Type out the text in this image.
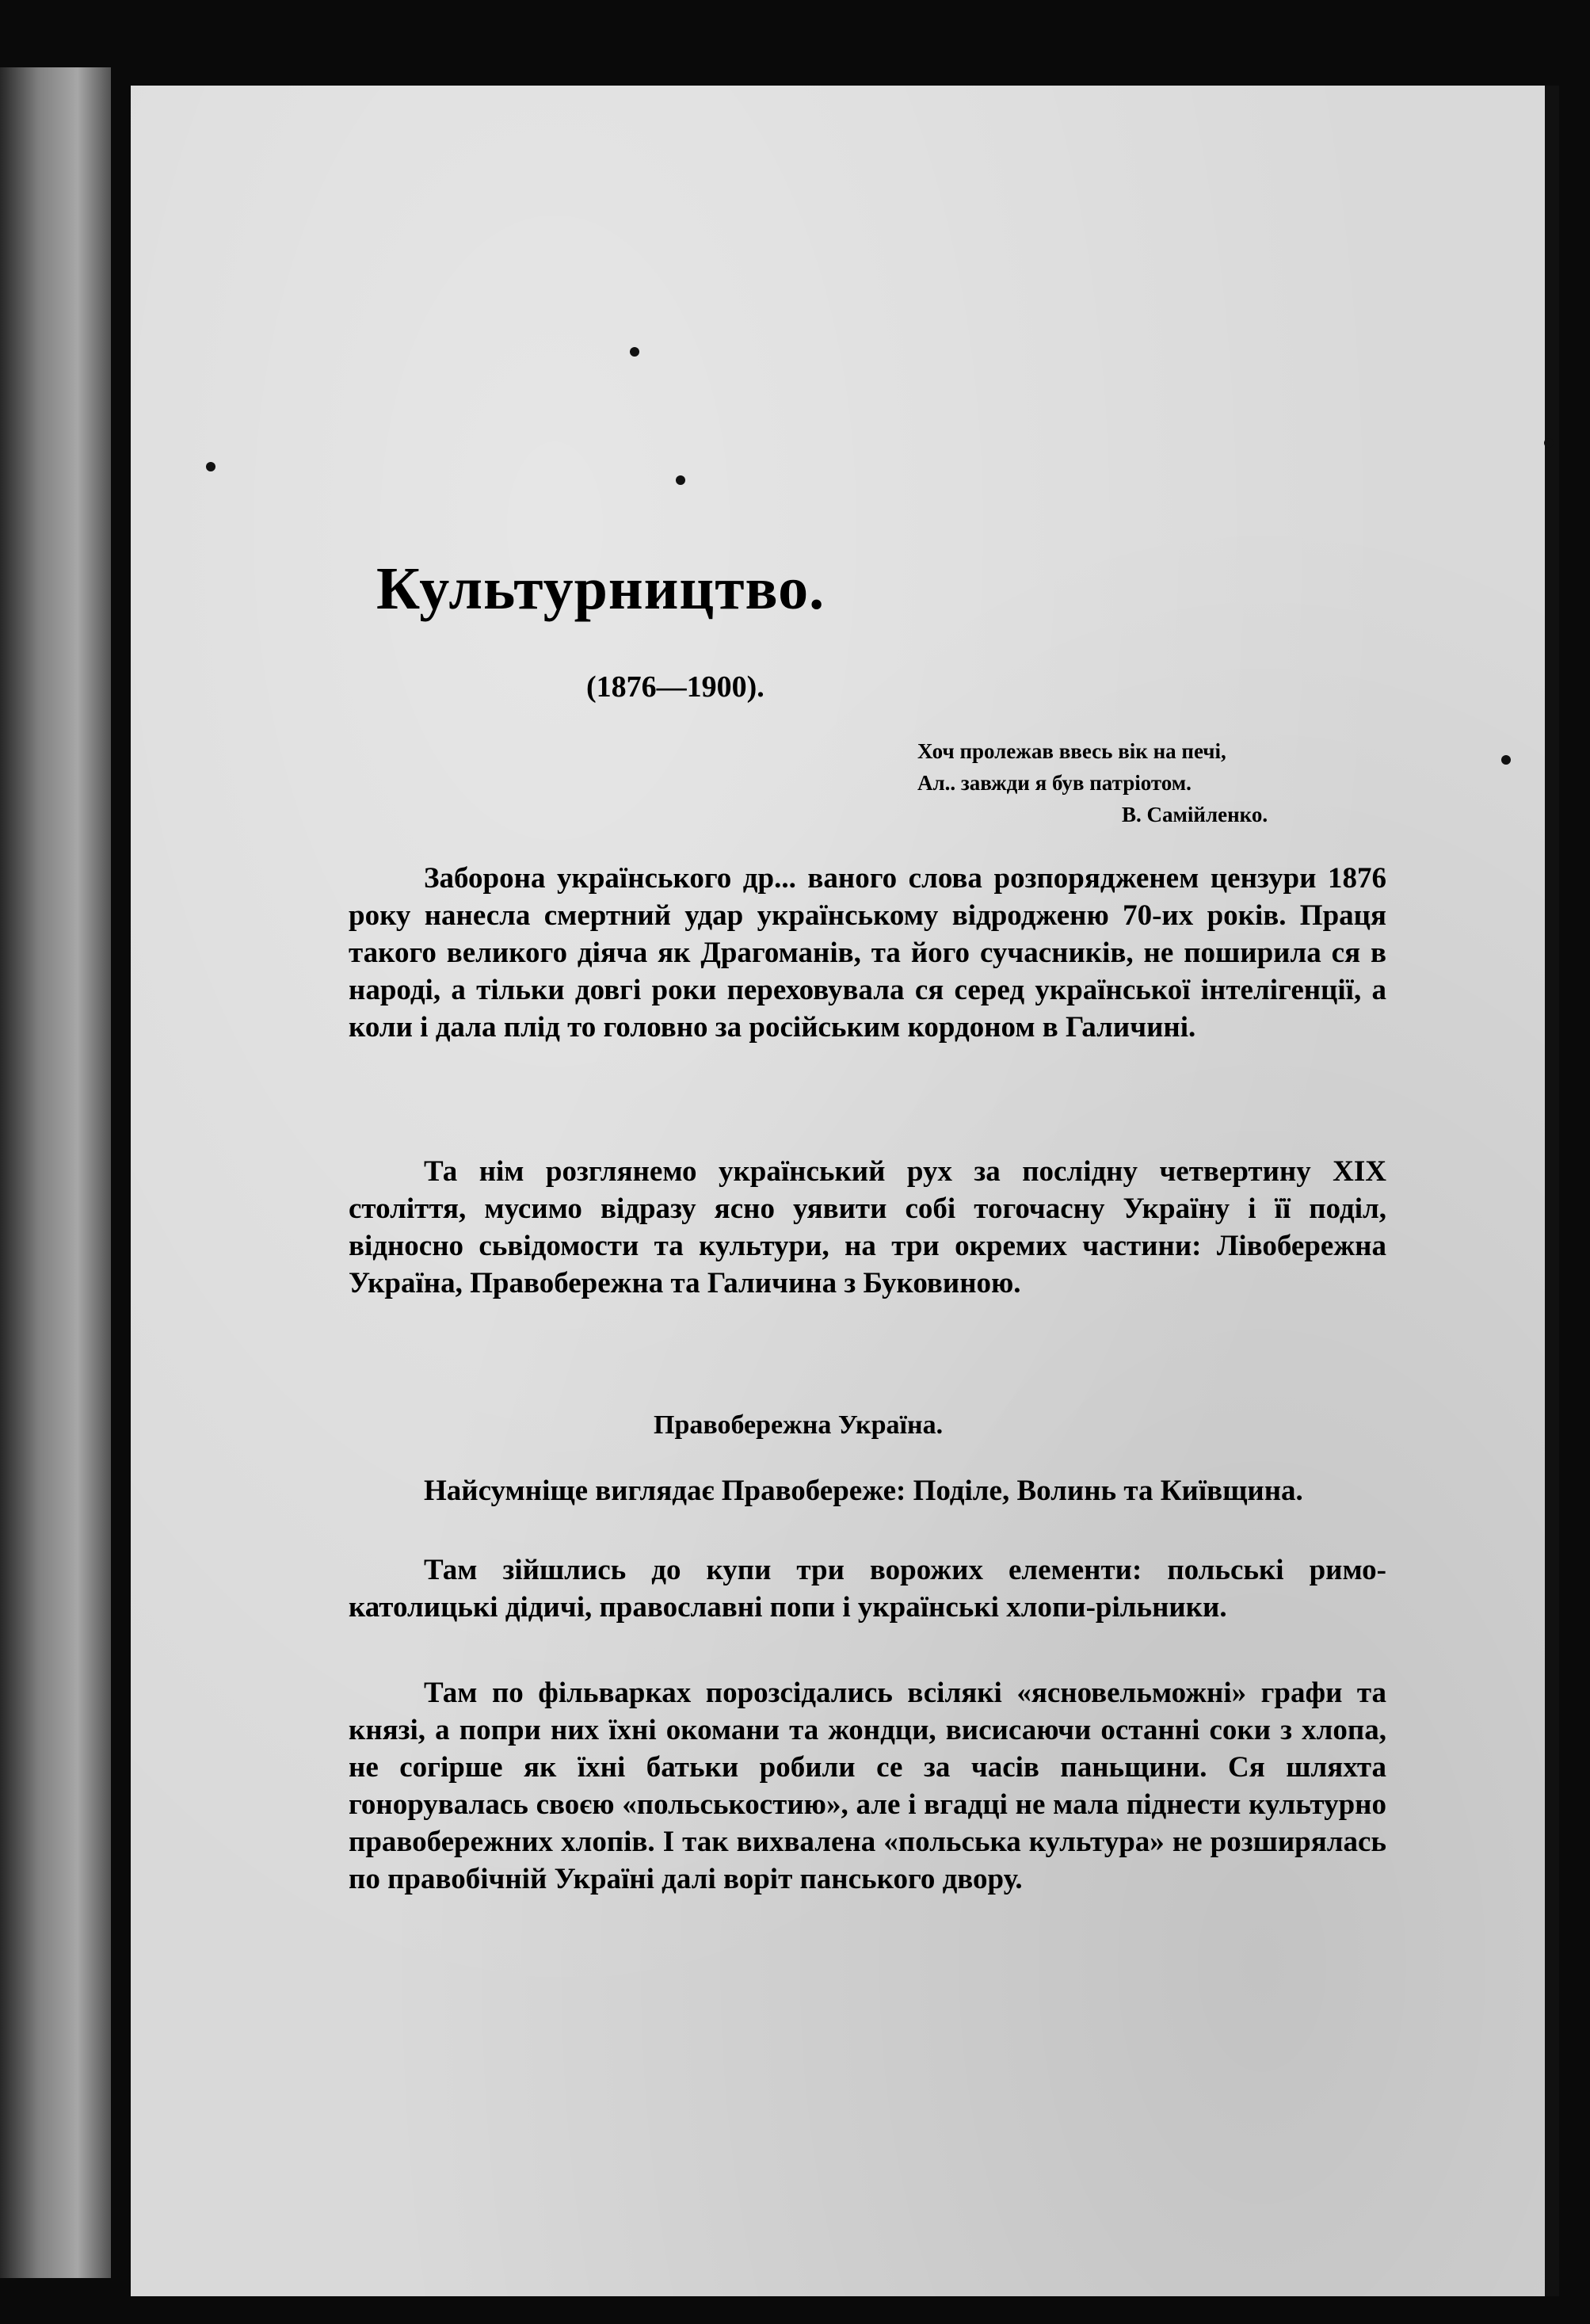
Культурництво.
(1876—1900).
Хоч пролежав ввесь вік на печі,
Ал.. завжди я був патріотом.
В. Самійленко.

Заборона українського др... ваного слова розпорядженем цензури 1876 року нанесла смертний удар українському відродженю 70-их років. Праця такого великого діяча як Драгоманів, та його сучасників, не поширила ся в народі, а тільки довгі роки переховувала ся серед української інтелігенції, а коли і дала плід то головно за російським кордоном в Галичині.

Та нім розглянемо український рух за послідну четвертину XIX століття, мусимо відразу ясно уявити собі тогочасну Україну і її поділ, відносно сьвідомости та культури, на три окремих частини: Лівобережна Україна, Правобережна та Галичина з Буковиною.

Правобережна Україна.

Найсумніще виглядає Правобереже: Поділе, Волинь та Київщина.

Там зійшлись до купи три ворожих елементи: польські римо-католицькі дідичі, православні попи і українські хлопи-рільники.

Там по фільварках порозсідались всілякі «ясновельможні» графи та князі, а попри них їхні окомани та жондци, висисаючи останні соки з хлопа, не согірше як їхні батьки робили се за часів паньщини. Ся шляхта гонорувалась своєю «польськостию», але і вгадці не мала піднести культурно правобережних хлопів. І так вихвалена «польська культура» не розширялась по правобічній Україні далі воріт панського двору.
